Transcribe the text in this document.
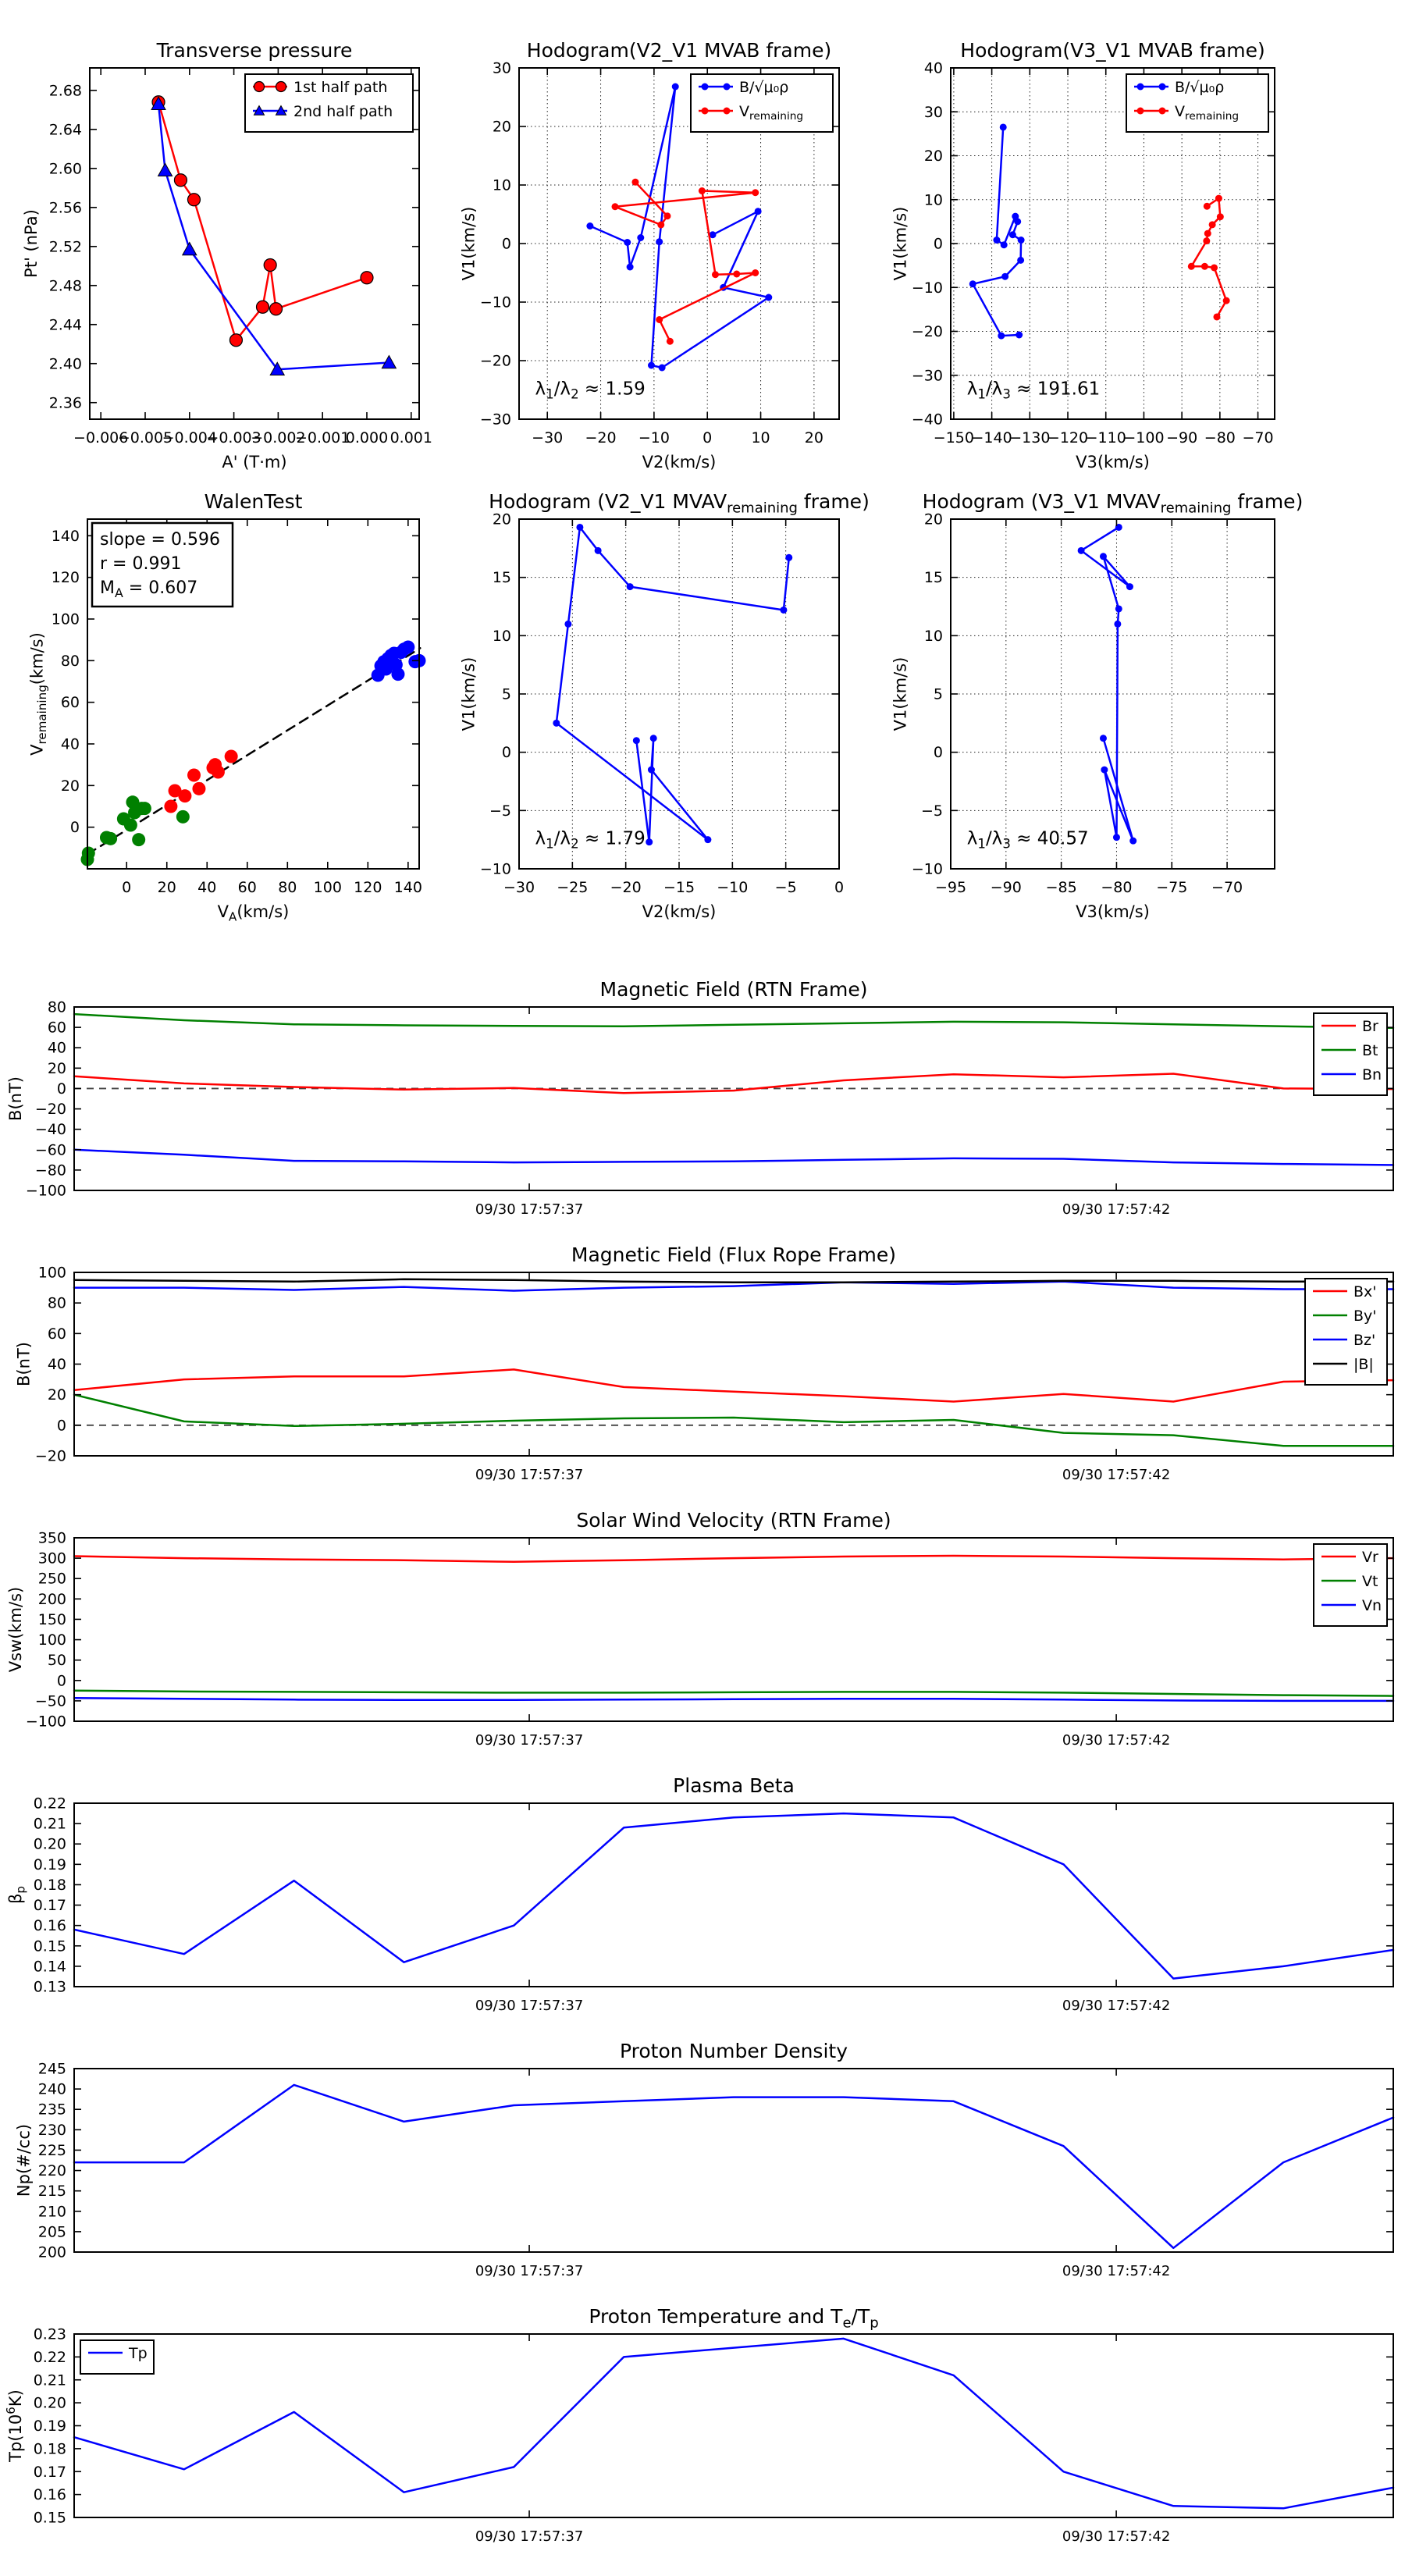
−0.006
−0.005
−0.004
−0.003
−0.002
−0.001
0.000 0.001
2.36
2.40
2.44
2.48
2.52
2.56
2.60
2.64
2.68
Transverse pressure
A' (T·m)
Pt' (nPa)
1st half path
2nd half path
−30 −20 −10 0	10 20
−30
−20
−10
0
10
20
30
Hodogram(V2_V1 MVAB frame)
V2(km/s)
V1(km/s)
B/√μ₀ρ
$V_{remaining}$
$\lambda_1/\lambda_2 \approx 1.59$
−150
−140
−130
−120
−110
−100 −90 −80 −70
−40
−30
−20
−10
0
10
20
30
40
Hodogram(V3_V1 MVAB frame)
V3(km/s)
V1(km/s)
B/√μ₀ρ
$V_{remaining}$
$\lambda_1/\lambda_3 \approx 191.61$
0 20 40 60 80 100 120 140
0
20
40
60
80
100
120
140
WalenTest
$V_A(km/s)$
$V_{remaining}(km/s)$
slope = 0.596
r = 0.991
$M_A = 0.607$
−30 −25 −20 −15 −10 −5	0
−10
−5
0
5
10
15
20
Hodogram (V2_V1 $MVAV_{remaining}$ frame)
V2(km/s)
V1(km/s)
$\lambda_1/\lambda_2 \approx 1.79$
−95 −90 −85 −80 −75 −70
−10
−5
0
5
10
15
20
Hodogram (V3_V1 $MVAV_{remaining}$ frame)
V3(km/s)
V1(km/s)
$\lambda_1/\lambda_3 \approx 40.57$
09/30 17:57:37	09/30 17:57:42
−100
−80
−60
−40
−20
0
20
40
60
80
Magnetic Field (RTN Frame)
B(nT)
Br
Bt
Bn
09/30 17:57:37	09/30 17:57:42
−20
0
20
40
60
80
100
Magnetic Field (Flux Rope Frame)
B(nT)
Bx'
By'
Bz'
|B|
09/30 17:57:37	09/30 17:57:42
−100
−50
0
50
100
150
200
250
300
350
Solar Wind Velocity (RTN Frame)
Vsw(km/s)
Vr
Vt
Vn
09/30 17:57:37	09/30 17:57:42
0.13
0.14
0.15
0.16
0.17
0.18
0.19
0.20
0.21
0.22
Plasma Beta
$\beta_p$
09/30 17:57:37	09/30 17:57:42
200
205
210
215
220
225
230
235
240
245
Proton Number Density
Np(#/cc)
09/30 17:57:37	09/30 17:57:42
0.15
0.16
0.17
0.18
0.19
0.20
0.21
0.22
0.23
Proton Temperature and $T_e/T_p$
$Tp(10^6K)$
Tp
